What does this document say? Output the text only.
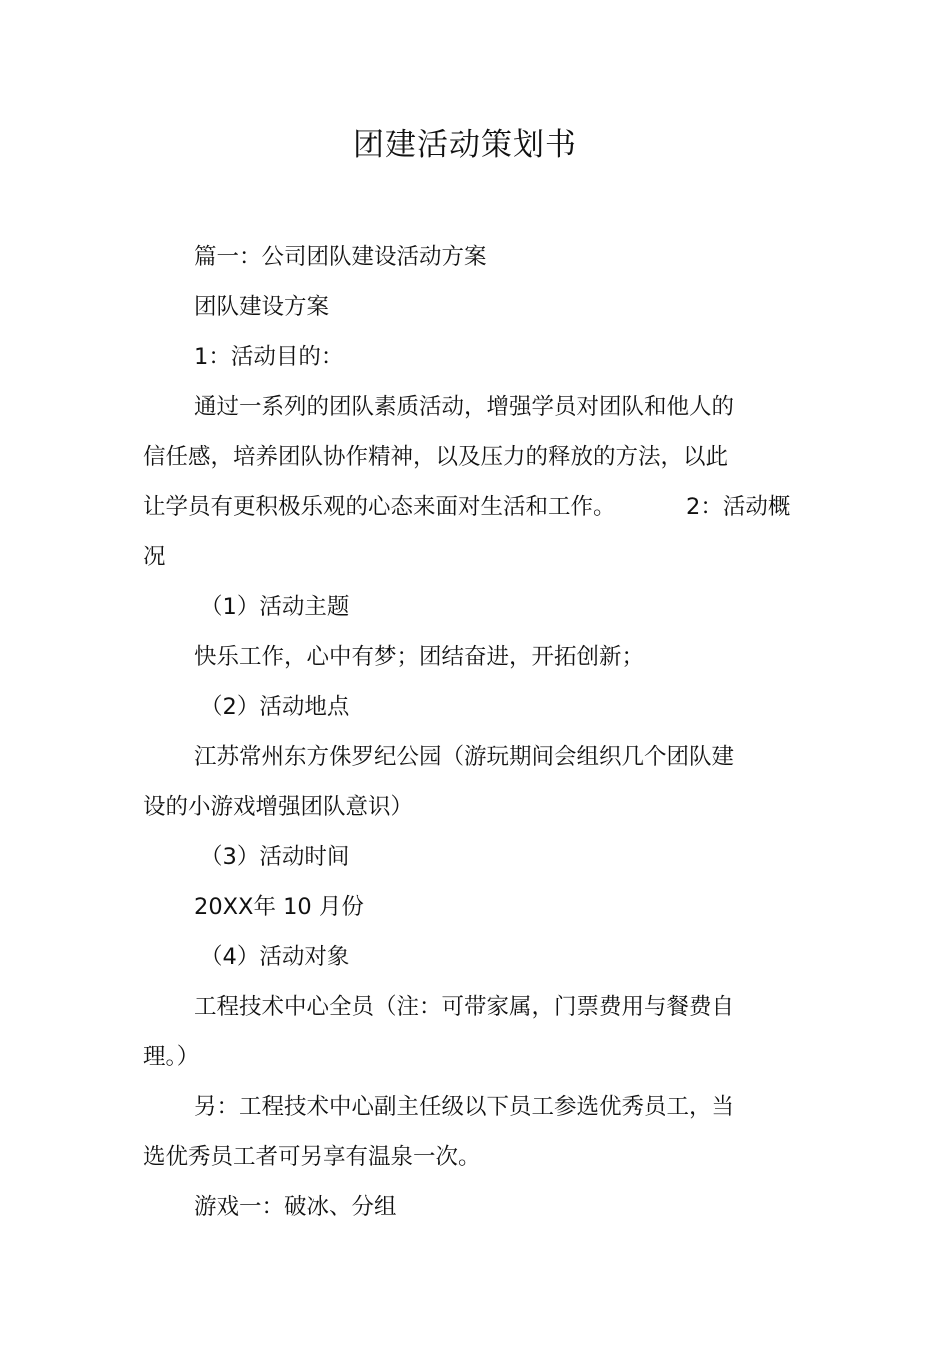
团建活动策划书
篇一：公司团队建设活动方案
团队建设方案
1：活动目的：
通过一系列的团队素质活动，增强学员对团队和他人的
信任感，培养团队协作精神，以及压力的释放的方法，以此
让学员有更积极乐观的心态来面对生活和工作。	2：活动概
况
（1）活动主题
快乐工作，心中有梦；团结奋进，开拓创新；
（2）活动地点
江苏常州东方侏罗纪公园（游玩期间会组织几个团队建
设的小游戏增强团队意识）
（3）活动时间
20XX年 10 月份
（4）活动对象
工程技术中心全员（注：可带家属，门票费用与餐费自
理。）
另：工程技术中心副主任级以下员工参选优秀员工，当
选优秀员工者可另享有温泉一次。
游戏一：破冰、分组
